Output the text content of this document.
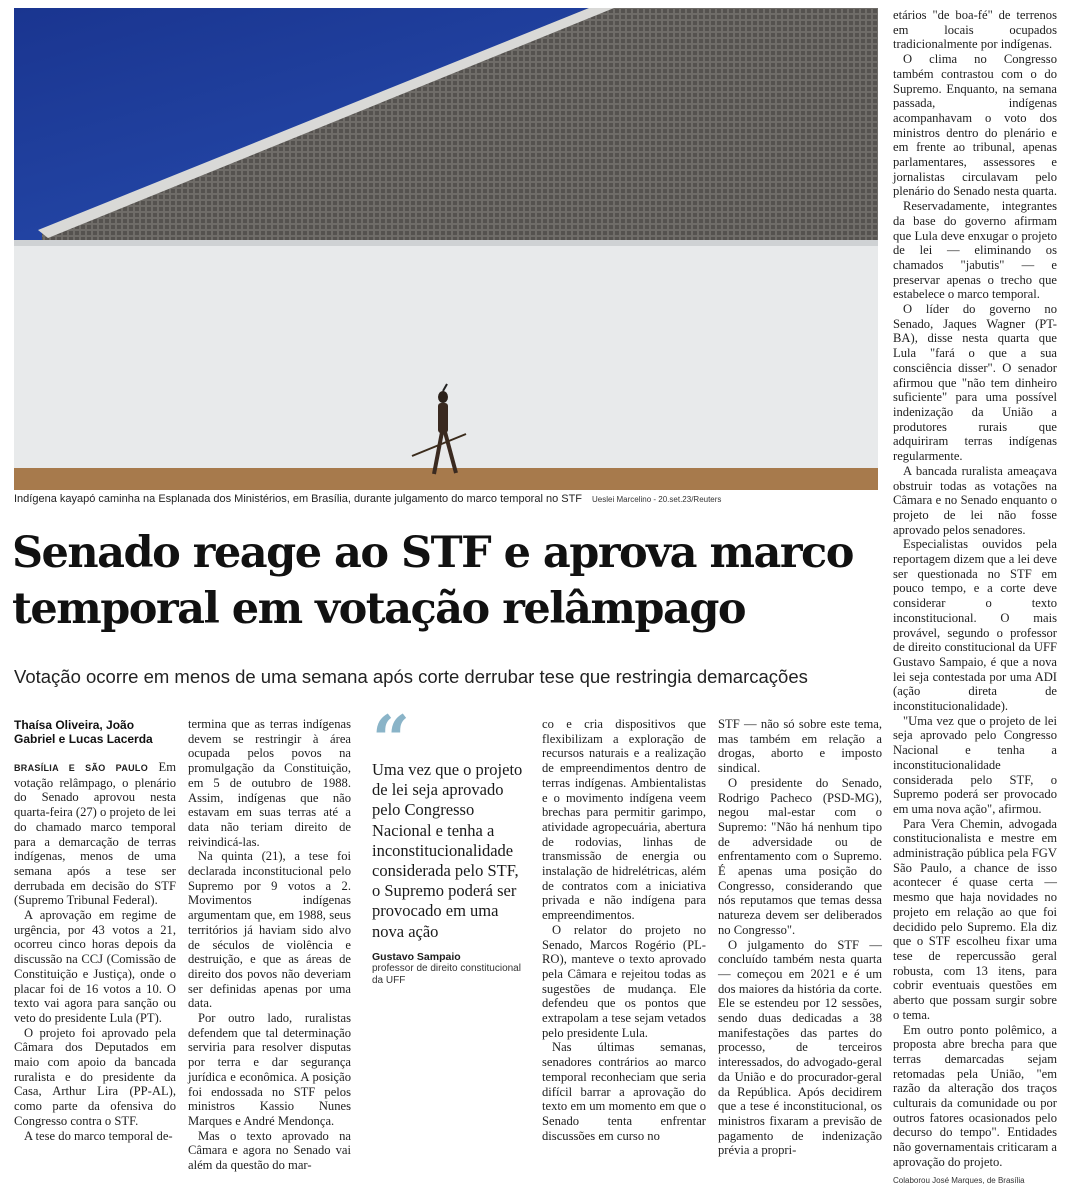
Indígena kayapó caminha na Esplanada dos Ministérios, em Brasília, durante julgamento do marco temporal no STF Ueslei Marcelino - 20.set.23/Reuters
Senado reage ao STF e aprova marco temporal em votação relâmpago
Votação ocorre em menos de uma semana após corte derrubar tese que restringia demarcações
Thaísa Oliveira, João Gabriel e Lucas Lacerda

BRASÍLIA E SÃO PAULO Em votação relâmpago, o plenário do Senado aprovou nesta quarta-feira (27) o projeto de lei do chamado marco temporal para a demarcação de terras indígenas, menos de uma semana após a tese ser derrubada em decisão do STF (Supremo Tribunal Federal).

A aprovação em regime de urgência, por 43 votos a 21, ocorreu cinco horas depois da discussão na CCJ (Comissão de Constituição e Justiça), onde o placar foi de 16 votos a 10. O texto vai agora para sanção ou veto do presidente Lula (PT).

O projeto foi aprovado pela Câmara dos Deputados em maio com apoio da bancada ruralista e do presidente da Casa, Arthur Lira (PP-AL), como parte da ofensiva do Congresso contra o STF.

A tese do marco temporal de-

termina que as terras indígenas devem se restringir à área ocupada pelos povos na promulgação da Constituição, em 5 de outubro de 1988. Assim, indígenas que não estavam em suas terras até a data não teriam direito de reivindicá-las.

Na quinta (21), a tese foi declarada inconstitucional pelo Supremo por 9 votos a 2. Movimentos indígenas argumentam que, em 1988, seus territórios já haviam sido alvo de séculos de violência e destruição, e que as áreas de direito dos povos não deveriam ser definidas apenas por uma data.

Por outro lado, ruralistas defendem que tal determinação serviria para resolver disputas por terra e dar segurança jurídica e econômica. A posição foi endossada no STF pelos ministros Kassio Nunes Marques e André Mendonça.

Mas o texto aprovado na Câmara e agora no Senado vai além da questão do mar-

“
Uma vez que o projeto de lei seja aprovado pelo Congresso Nacional e tenha a inconstitucionalidade considerada pelo STF, o Supremo poderá ser provocado em uma nova ação
Gustavo Sampaio
professor de direito constitucional da UFF

co e cria dispositivos que flexibilizam a exploração de recursos naturais e a realização de empreendimentos dentro de terras indígenas. Ambientalistas e o movimento indígena veem brechas para permitir garimpo, atividade agropecuária, abertura de rodovias, linhas de transmissão de energia ou instalação de hidrelétricas, além de contratos com a iniciativa privada e não indígena para empreendimentos.

O relator do projeto no Senado, Marcos Rogério (PL-RO), manteve o texto aprovado pela Câmara e rejeitou todas as sugestões de mudança. Ele defendeu que os pontos que extrapolam a tese sejam vetados pelo presidente Lula.

Nas últimas semanas, senadores contrários ao marco temporal reconheciam que seria difícil barrar a aprovação do texto em um momento em que o Senado tenta enfrentar discussões em curso no

STF — não só sobre este tema, mas também em relação a drogas, aborto e imposto sindical.

O presidente do Senado, Rodrigo Pacheco (PSD-MG), negou mal-estar com o Supremo: "Não há nenhum tipo de adversidade ou de enfrentamento com o Supremo. É apenas uma posição do Congresso, considerando que nós reputamos que temas dessa natureza devem ser deliberados no Congresso".

O julgamento do STF — concluído também nesta quarta — começou em 2021 e é um dos maiores da história da corte. Ele se estendeu por 12 sessões, sendo duas dedicadas a 38 manifestações das partes do processo, de terceiros interessados, do advogado-geral da União e do procurador-geral da República. Após decidirem que a tese é inconstitucional, os ministros fixaram a previsão de pagamento de indenização prévia a propri-

etários "de boa-fé" de terrenos em locais ocupados tradicionalmente por indígenas.

O clima no Congresso também contrastou com o do Supremo. Enquanto, na semana passada, indígenas acompanhavam o voto dos ministros dentro do plenário e em frente ao tribunal, apenas parlamentares, assessores e jornalistas circulavam pelo plenário do Senado nesta quarta.

Reservadamente, integrantes da base do governo afirmam que Lula deve enxugar o projeto de lei — eliminando os chamados "jabutis" — e preservar apenas o trecho que estabelece o marco temporal.

O líder do governo no Senado, Jaques Wagner (PT-BA), disse nesta quarta que Lula "fará o que a sua consciência disser". O senador afirmou que "não tem dinheiro suficiente" para uma possível indenização da União a produtores rurais que adquiriram terras indígenas regularmente.

A bancada ruralista ameaçava obstruir todas as votações na Câmara e no Senado enquanto o projeto de lei não fosse aprovado pelos senadores.

Especialistas ouvidos pela reportagem dizem que a lei deve ser questionada no STF em pouco tempo, e a corte deve considerar o texto inconstitucional. O mais provável, segundo o professor de direito constitucional da UFF Gustavo Sampaio, é que a nova lei seja contestada por uma ADI (ação direta de inconstitucionalidade).

"Uma vez que o projeto de lei seja aprovado pelo Congresso Nacional e tenha a inconstitucionalidade considerada pelo STF, o Supremo poderá ser provocado em uma nova ação", afirmou.

Para Vera Chemin, advogada constitucionalista e mestre em administração pública pela FGV São Paulo, a chance de isso acontecer é quase certa — mesmo que haja novidades no projeto em relação ao que foi decidido pelo Supremo. Ela diz que o STF escolheu fixar uma tese de repercussão geral robusta, com 13 itens, para cobrir eventuais questões em aberto que possam surgir sobre o tema.

Em outro ponto polêmico, a proposta abre brecha para que terras demarcadas sejam retomadas pela União, "em razão da alteração dos traços culturais da comunidade ou por outros fatores ocasionados pelo decurso do tempo". Entidades não governamentais criticaram a aprovação do projeto.

Colaborou José Marques, de Brasília
